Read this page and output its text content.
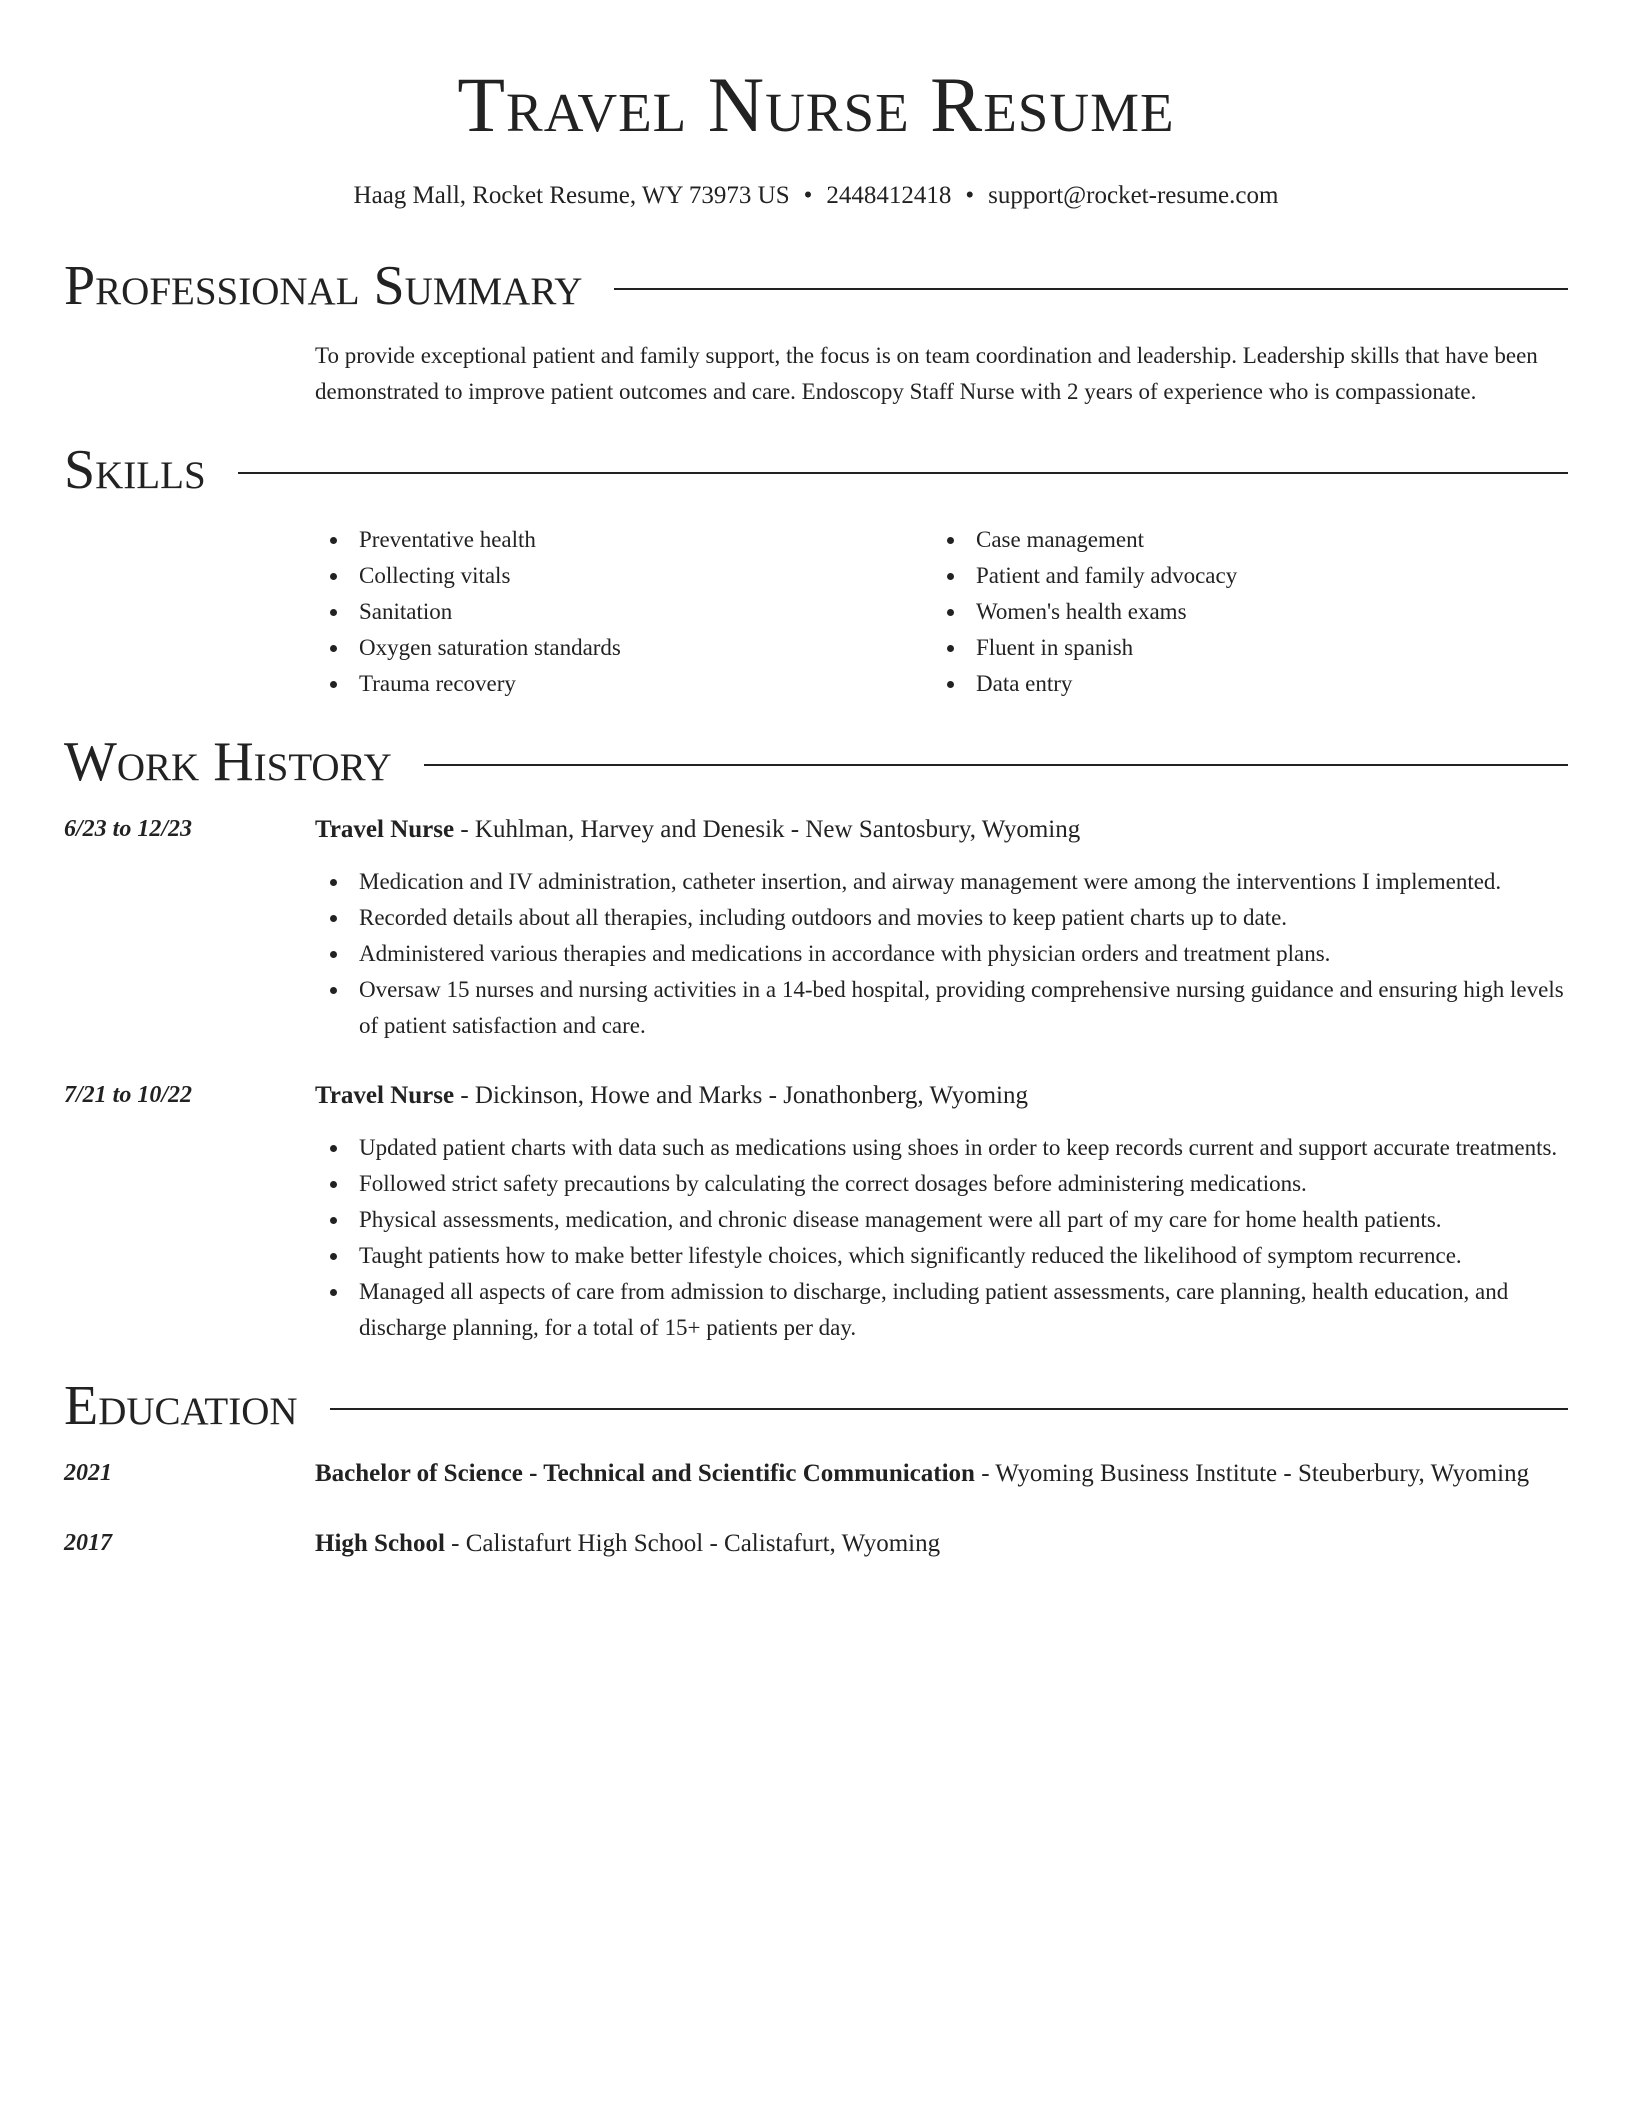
Travel Nurse Resume
Haag Mall, Rocket Resume, WY 73973 US • 2448412418 • support@rocket-resume.com
Professional Summary
To provide exceptional patient and family support, the focus is on team coordination and leadership. Leadership skills that have been demonstrated to improve patient outcomes and care. Endoscopy Staff Nurse with 2 years of experience who is compassionate.
Skills
Preventative health
Collecting vitals
Sanitation
Oxygen saturation standards
Trauma recovery
Case management
Patient and family advocacy
Women's health exams
Fluent in spanish
Data entry
Work History
6/23 to 12/23	Travel Nurse - Kuhlman, Harvey and Denesik - New Santosbury, Wyoming
Medication and IV administration, catheter insertion, and airway management were among the interventions I implemented.
Recorded details about all therapies, including outdoors and movies to keep patient charts up to date.
Administered various therapies and medications in accordance with physician orders and treatment plans.
Oversaw 15 nurses and nursing activities in a 14-bed hospital, providing comprehensive nursing guidance and ensuring high levels of patient satisfaction and care.
7/21 to 10/22	Travel Nurse - Dickinson, Howe and Marks - Jonathonberg, Wyoming
Updated patient charts with data such as medications using shoes in order to keep records current and support accurate treatments.
Followed strict safety precautions by calculating the correct dosages before administering medications.
Physical assessments, medication, and chronic disease management were all part of my care for home health patients.
Taught patients how to make better lifestyle choices, which significantly reduced the likelihood of symptom recurrence.
Managed all aspects of care from admission to discharge, including patient assessments, care planning, health education, and discharge planning, for a total of 15+ patients per day.
Education
2021	Bachelor of Science - Technical and Scientific Communication - Wyoming Business Institute - Steuberbury, Wyoming
2017	High School - Calistafurt High School - Calistafurt, Wyoming
